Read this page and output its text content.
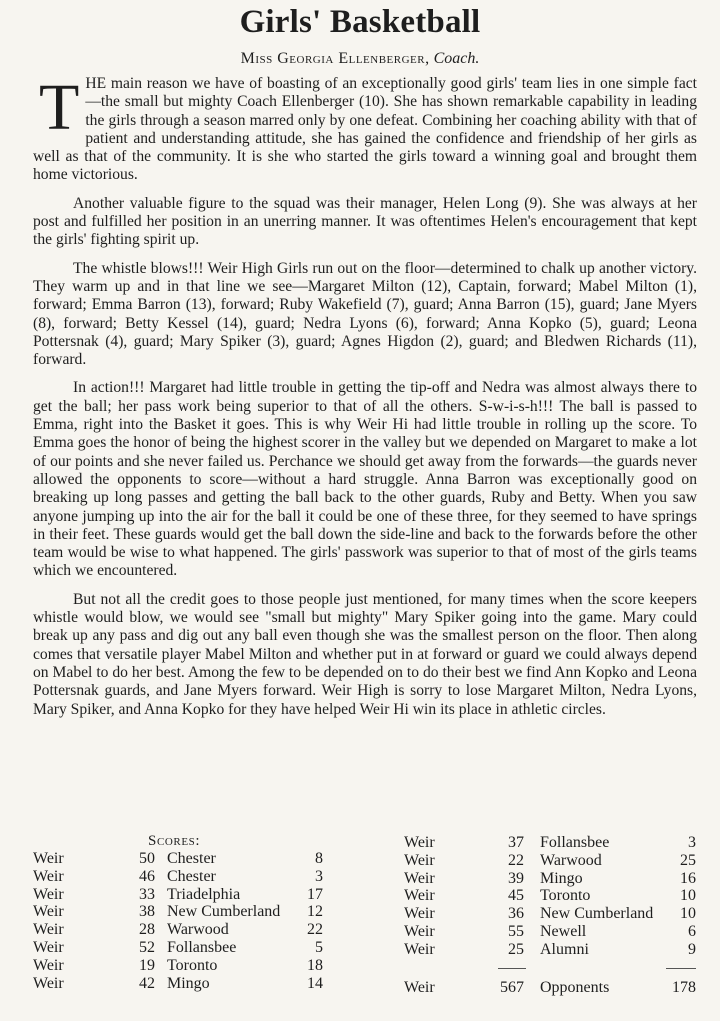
Girls' Basketball
Miss Georgia Ellenberger, Coach.

THE main reason we have of boasting of an exceptionally good girls' team lies in one simple fact—the small but mighty Coach Ellenberger (10). She has shown remarkable capability in leading the girls through a season marred only by one defeat. Combining her coaching ability with that of patient and understanding attitude, she has gained the confidence and friendship of her girls as well as that of the community. It is she who started the girls toward a winning goal and brought them home victorious.

Another valuable figure to the squad was their manager, Helen Long (9). She was always at her post and fulfilled her position in an unerring manner. It was oftentimes Helen's encouragement that kept the girls' fighting spirit up.

The whistle blows!!! Weir High Girls run out on the floor—determined to chalk up another victory. They warm up and in that line we see—Margaret Milton (12), Captain, forward; Mabel Milton (1), forward; Emma Barron (13), forward; Ruby Wakefield (7), guard; Anna Barron (15), guard; Jane Myers (8), forward; Betty Kessel (14), guard; Nedra Lyons (6), forward; Anna Kopko (5), guard; Leona Pottersnak (4), guard; Mary Spiker (3), guard; Agnes Higdon (2), guard; and Bledwen Richards (11), forward.

In action!!! Margaret had little trouble in getting the tip-off and Nedra was almost always there to get the ball; her pass work being superior to that of all the others. S-w-i-s-h!!! The ball is passed to Emma, right into the Basket it goes. This is why Weir Hi had little trouble in rolling up the score. To Emma goes the honor of being the highest scorer in the valley but we depended on Margaret to make a lot of our points and she never failed us. Perchance we should get away from the forwards—the guards never allowed the opponents to score—without a hard struggle. Anna Barron was exceptionally good on breaking up long passes and getting the ball back to the other guards, Ruby and Betty. When you saw anyone jumping up into the air for the ball it could be one of these three, for they seemed to have springs in their feet. These guards would get the ball down the side-line and back to the forwards before the other team would be wise to what happened. The girls' passwork was superior to that of most of the girls teams which we encountered.

But not all the credit goes to those people just mentioned, for many times when the score keepers whistle would blow, we would see "small but mighty" Mary Spiker going into the game. Mary could break up any pass and dig out any ball even though she was the smallest person on the floor. Then along comes that versatile player Mabel Milton and whether put in at forward or guard we could always depend on Mabel to do her best. Among the few to be depended on to do their best we find Ann Kopko and Leona Pottersnak guards, and Jane Myers forward. Weir High is sorry to lose Margaret Milton, Nedra Lyons, Mary Spiker, and Anna Kopko for they have helped Weir Hi win its place in athletic circles.

Scores:
Weir	50 Chester	8
Weir	46 Chester	3
Weir	33 Triadelphia	17
Weir	38 New Cumberland	12
Weir	28 Warwood	22
Weir	52 Follansbee	5
Weir	19 Toronto	18
Weir	42 Mingo	14
Weir	37 Follansbee	3
Weir	22 Warwood	25
Weir	39 Mingo	16
Weir	45 Toronto	10
Weir	36 New Cumberland	10
Weir	55 Newell	6
Weir	25 Alumni	9
Weir	567 Opponents	178
